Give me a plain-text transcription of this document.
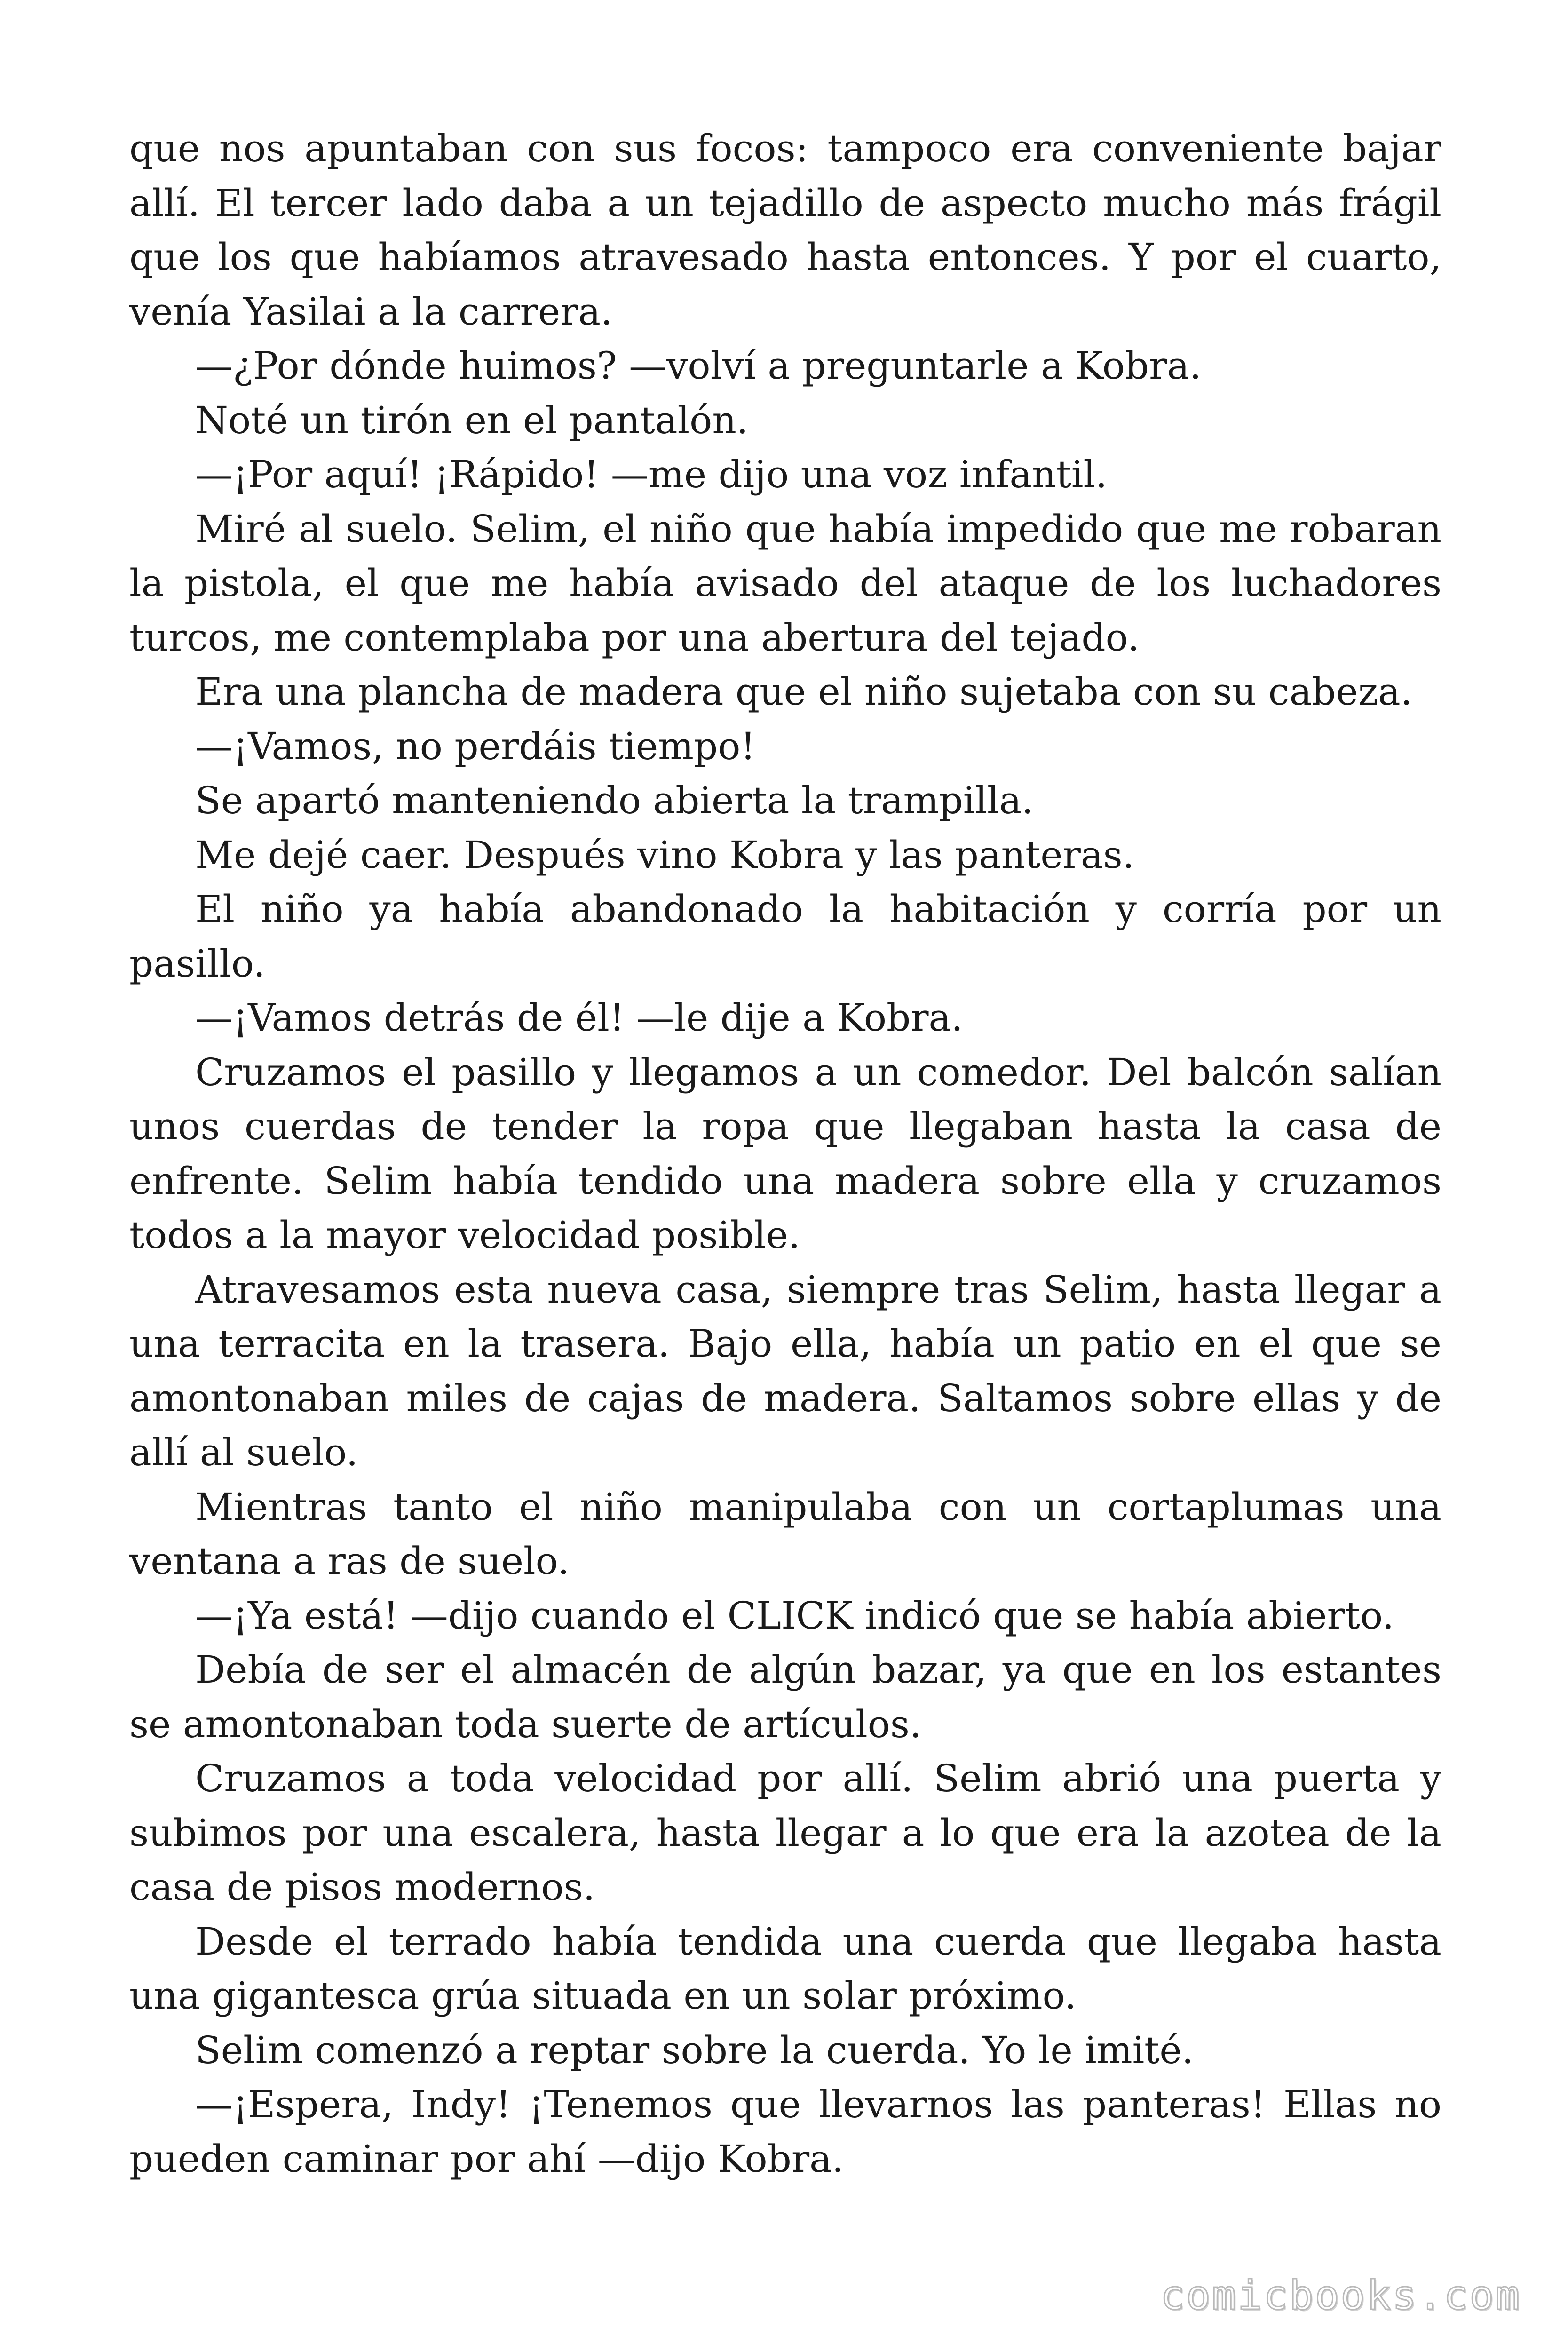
que nos apuntaban con sus focos: tampoco era conveniente bajar allí. El tercer lado daba a un tejadillo de aspecto mucho más frágil que los que habíamos atravesado hasta entonces. Y por el cuarto, venía Yasilai a la carrera.

—¿Por dónde huimos? —volví a preguntarle a Kobra.

Noté un tirón en el pantalón.

—¡Por aquí! ¡Rápido! —me dijo una voz infantil.

Miré al suelo. Selim, el niño que había impedido que me robaran la pistola, el que me había avisado del ataque de los luchadores turcos, me contemplaba por una abertura del tejado.

Era una plancha de madera que el niño sujetaba con su cabeza.

—¡Vamos, no perdáis tiempo!

Se apartó manteniendo abierta la trampilla.

Me dejé caer. Después vino Kobra y las panteras.

El niño ya había abandonado la habitación y corría por un pasillo.

—¡Vamos detrás de él! —le dije a Kobra.

Cruzamos el pasillo y llegamos a un comedor. Del balcón salían unos cuerdas de tender la ropa que llegaban hasta la casa de enfrente. Selim había tendido una madera sobre ella y cruzamos todos a la mayor velocidad posible.

Atravesamos esta nueva casa, siempre tras Selim, hasta llegar a una terracita en la trasera. Bajo ella, había un patio en el que se amontonaban miles de cajas de madera. Saltamos sobre ellas y de allí al suelo.

Mientras tanto el niño manipulaba con un cortaplumas una ventana a ras de suelo.

—¡Ya está! —dijo cuando el CLICK indicó que se había abierto.

Debía de ser el almacén de algún bazar, ya que en los estantes se amontonaban toda suerte de artículos.

Cruzamos a toda velocidad por allí. Selim abrió una puerta y subimos por una escalera, hasta llegar a lo que era la azotea de la casa de pisos modernos.

Desde el terrado había tendida una cuerda que llegaba hasta una gigantesca grúa situada en un solar próximo.

Selim comenzó a reptar sobre la cuerda. Yo le imité.

—¡Espera, Indy! ¡Tenemos que llevarnos las panteras! Ellas no pueden caminar por ahí —dijo Kobra.

comicbooks.com
